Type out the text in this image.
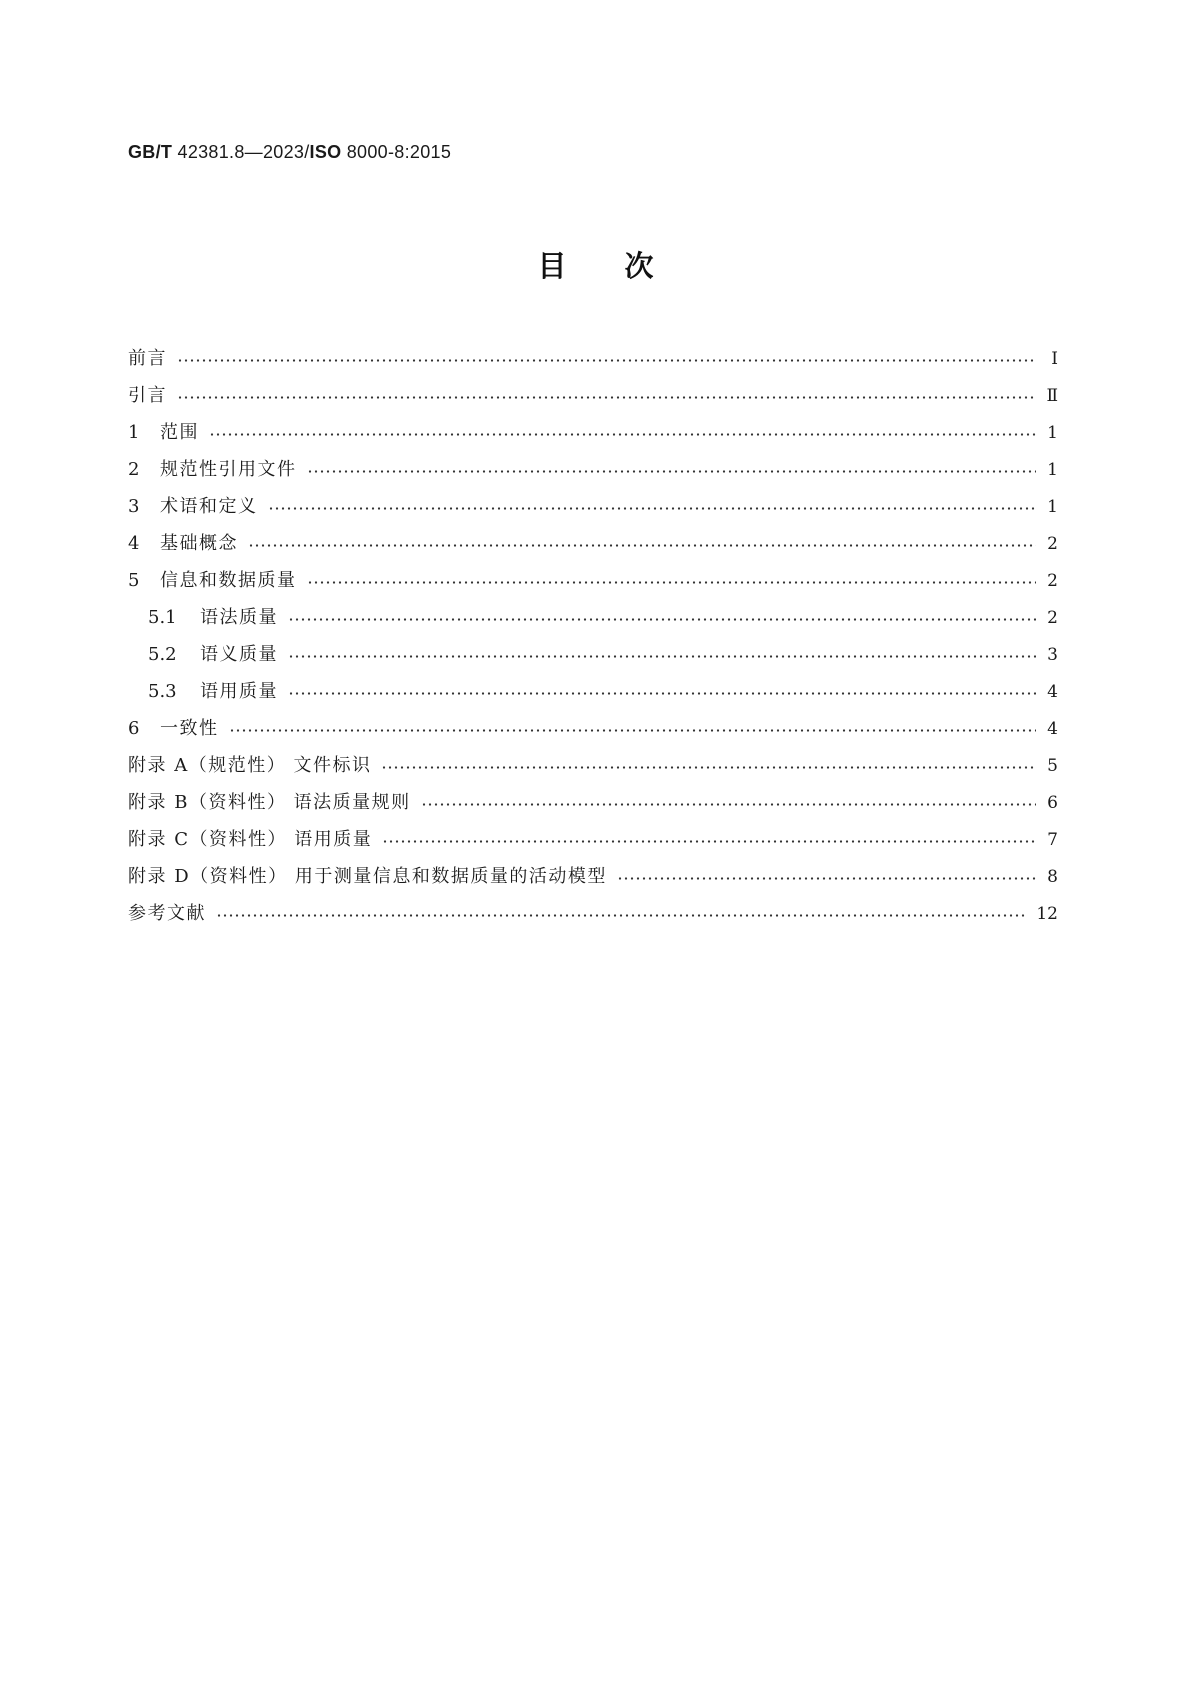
GB/T 42381.8—2023/ISO 8000-8:2015
目次
前言	Ⅰ
引言	Ⅱ
1	范围	1
2	规范性引用文件	1
3	术语和定义	1
4	基础概念	2
5	信息和数据质量	2
5.1	语法质量	2
5.2	语义质量	3
5.3	语用质量	4
6	一致性	4
附录 A（规范性） 文件标识	5
附录 B（资料性） 语法质量规则	6
附录 C（资料性） 语用质量	7
附录 D（资料性） 用于测量信息和数据质量的活动模型	8
参考文献	12
